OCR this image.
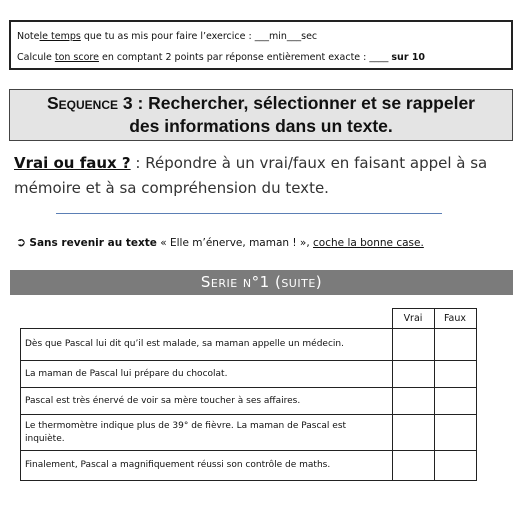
Notele temps que tu as mis pour faire l’exercice : ___min___sec
Calcule ton score en comptant 2 points par réponse entièrement exacte : ____ sur 10
Sequence 3 : Rechercher, sélectionner et se rappeler
des informations dans un texte.
Vrai ou faux ? : Répondre à un vrai/faux en faisant appel à sa mémoire et à sa compréhension du texte.
➲ Sans revenir au texte « Elle m’énerve, maman ! », coche la bonne case.
Serie n°1 (suite)
	Vrai	Faux
Dès que Pascal lui dit qu’il est malade, sa maman appelle un médecin.		
La maman de Pascal lui prépare du chocolat.		
Pascal est très énervé de voir sa mère toucher à ses affaires.		
Le thermomètre indique plus de 39° de fièvre. La maman de Pascal est inquiète.		
Finalement, Pascal a magnifiquement réussi son contrôle de maths.		
